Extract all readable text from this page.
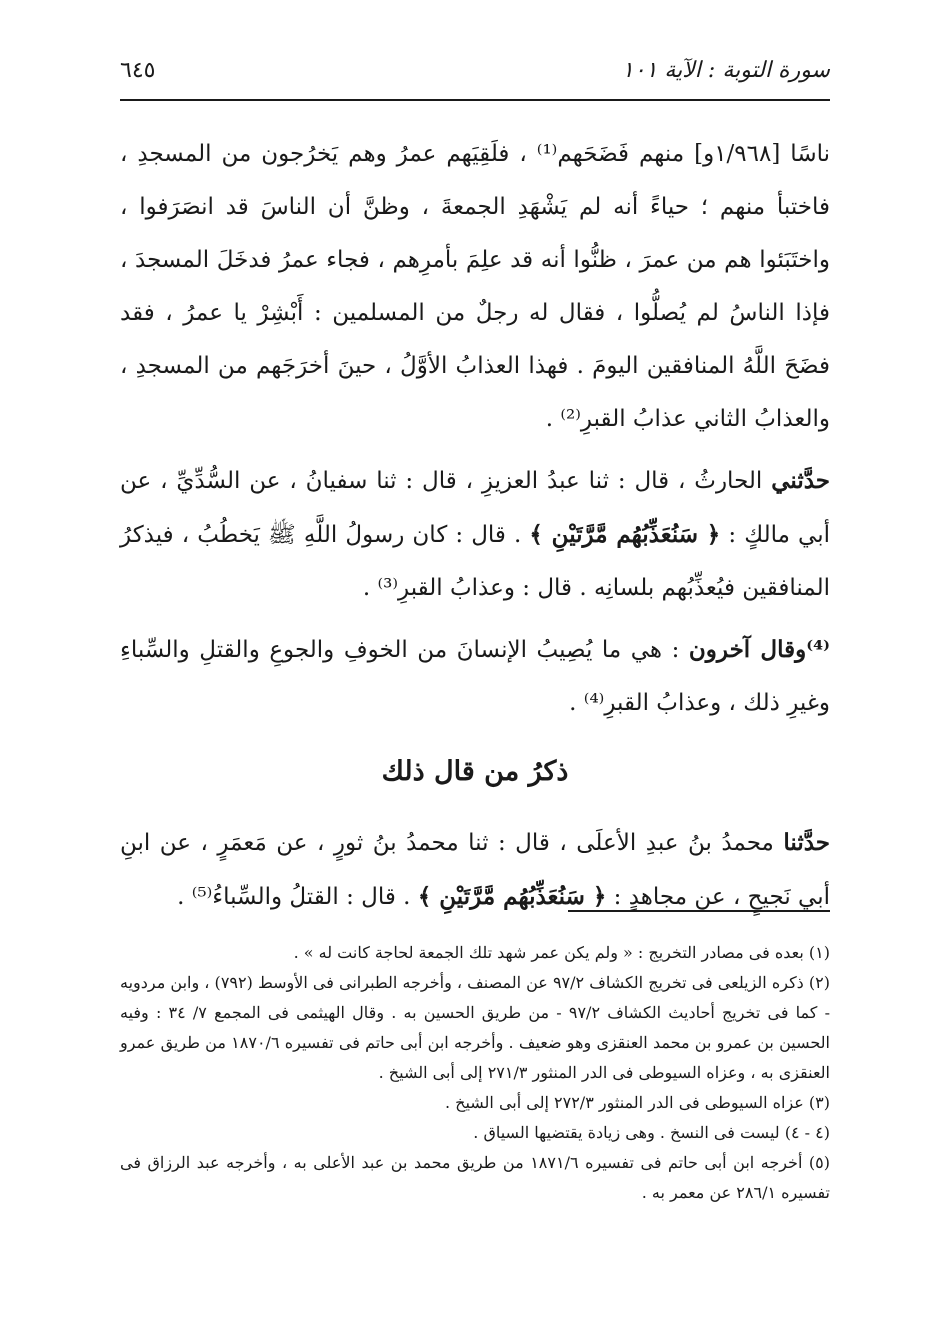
سورة التوبة : الآية ١٠١
٦٤٥

ناسًا [١/٩٦٨و] منهم فَضَحَهم⁽¹⁾ ، فلَقِيَهم عمرُ وهم يَخرُجون من المسجدِ ، فاختبأ منهم ؛ حياءً أنه لم يَشْهَدِ الجمعةَ ، وظنَّ أن الناسَ قد انصَرَفوا ، واختَبَئوا هم من عمرَ ، ظنُّوا أنه قد علِمَ بأمرِهم ، فجاء عمرُ فدخَلَ المسجدَ ، فإذا الناسُ لم يُصلُّوا ، فقال له رجلٌ من المسلمين : أَبْشِرْ يا عمرُ ، فقد فضَحَ اللَّهُ المنافقين اليومَ . فهذا العذابُ الأوَّلُ ، حينَ أخرَجَهم من المسجدِ ، والعذابُ الثاني عذابُ القبرِ⁽²⁾ .

حدَّثني الحارثُ ، قال : ثنا عبدُ العزيزِ ، قال : ثنا سفيانُ ، عن السُّدِّيِّ ، عن أبي مالكٍ : ﴿ سَنُعَذِّبُهُم مَّرَّتَيْنِ ﴾ . قال : كان رسولُ اللَّهِ ﷺ يَخطُبُ ، فيذكرُ المنافقين فيُعذِّبُهم بلسانِه . قال : وعذابُ القبرِ⁽³⁾ .

⁽⁴⁾وقال آخرون : هي ما يُصِيبُ الإنسانَ من الخوفِ والجوعِ والقتلِ والسِّباءِ وغيرِ ذلك ، وعذابُ القبرِ⁽⁴⁾ .

ذكرُ من قال ذلك

حدَّثنا محمدُ بنُ عبدِ الأعلَى ، قال : ثنا محمدُ بنُ ثورٍ ، عن مَعمَرٍ ، عن ابنِ أبي نَجيحٍ ، عن مجاهدٍ : ﴿ سَنُعَذِّبُهُم مَّرَّتَيْنِ ﴾ . قال : القتلُ والسِّباءُ⁽⁵⁾ .

(١) بعده فى مصادر التخريج : « ولم يكن عمر شهد تلك الجمعة لحاجة كانت له » .

(٢) ذكره الزيلعى فى تخريج الكشاف ٩٧/٢ عن المصنف ، وأخرجه الطبرانى فى الأوسط (٧٩٢) ، وابن مردويه - كما فى تخريج أحاديث الكشاف ٩٧/٢ - من طريق الحسين به . وقال الهيثمى فى المجمع ٧/ ٣٤ : وفيه الحسين بن عمرو بن محمد العنقزى وهو ضعيف . وأخرجه ابن أبى حاتم فى تفسيره ١٨٧٠/٦ من طريق عمرو العنقزى به ، وعزاه السيوطى فى الدر المنثور ٢٧١/٣ إلى أبى الشيخ .

(٣) عزاه السيوطى فى الدر المنثور ٢٧٢/٣ إلى أبى الشيخ .

(٤ - ٤) ليست فى النسخ . وهى زيادة يقتضيها السياق .

(٥) أخرجه ابن أبى حاتم فى تفسيره ١٨٧١/٦ من طريق محمد بن عبد الأعلى به ، وأخرجه عبد الرزاق فى تفسيره ٢٨٦/١ عن معمر به .
